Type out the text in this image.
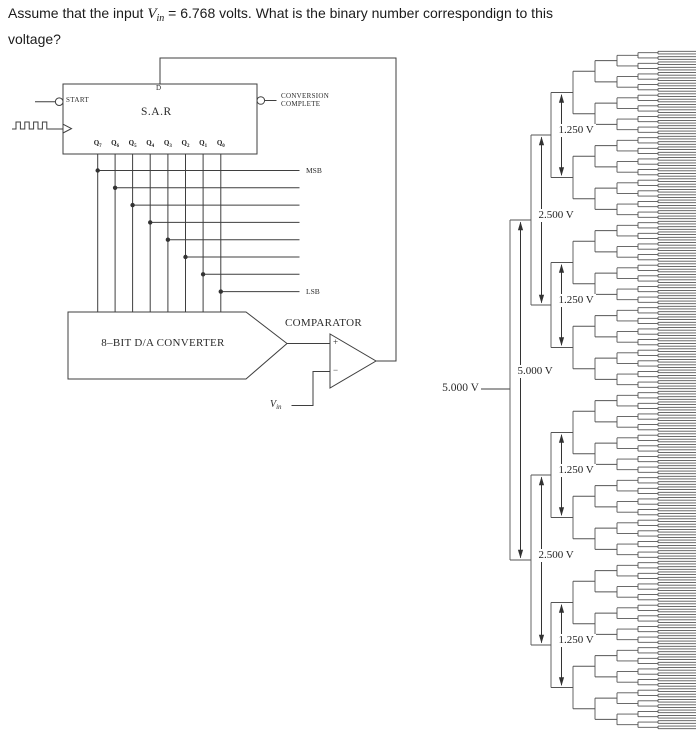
Assume that the input $V_{in} = 6.768$ volts. What is the binary number correspondign to this
voltage?
START
D
S.A.R
CONVERSION
COMPLETE
MSB
LSB
8–BIT D/A CONVERTER
COMPARATOR
+
−
$V_{in}$
5.000 V
$Q_7$	$Q_6$	$Q_5$	$Q_4$	$Q_3$	$Q_2$	$Q_1$	$Q_0$
1.250 V
2.500 V
1.250 V
5.000 V
1.250 V
2.500 V
1.250 V
